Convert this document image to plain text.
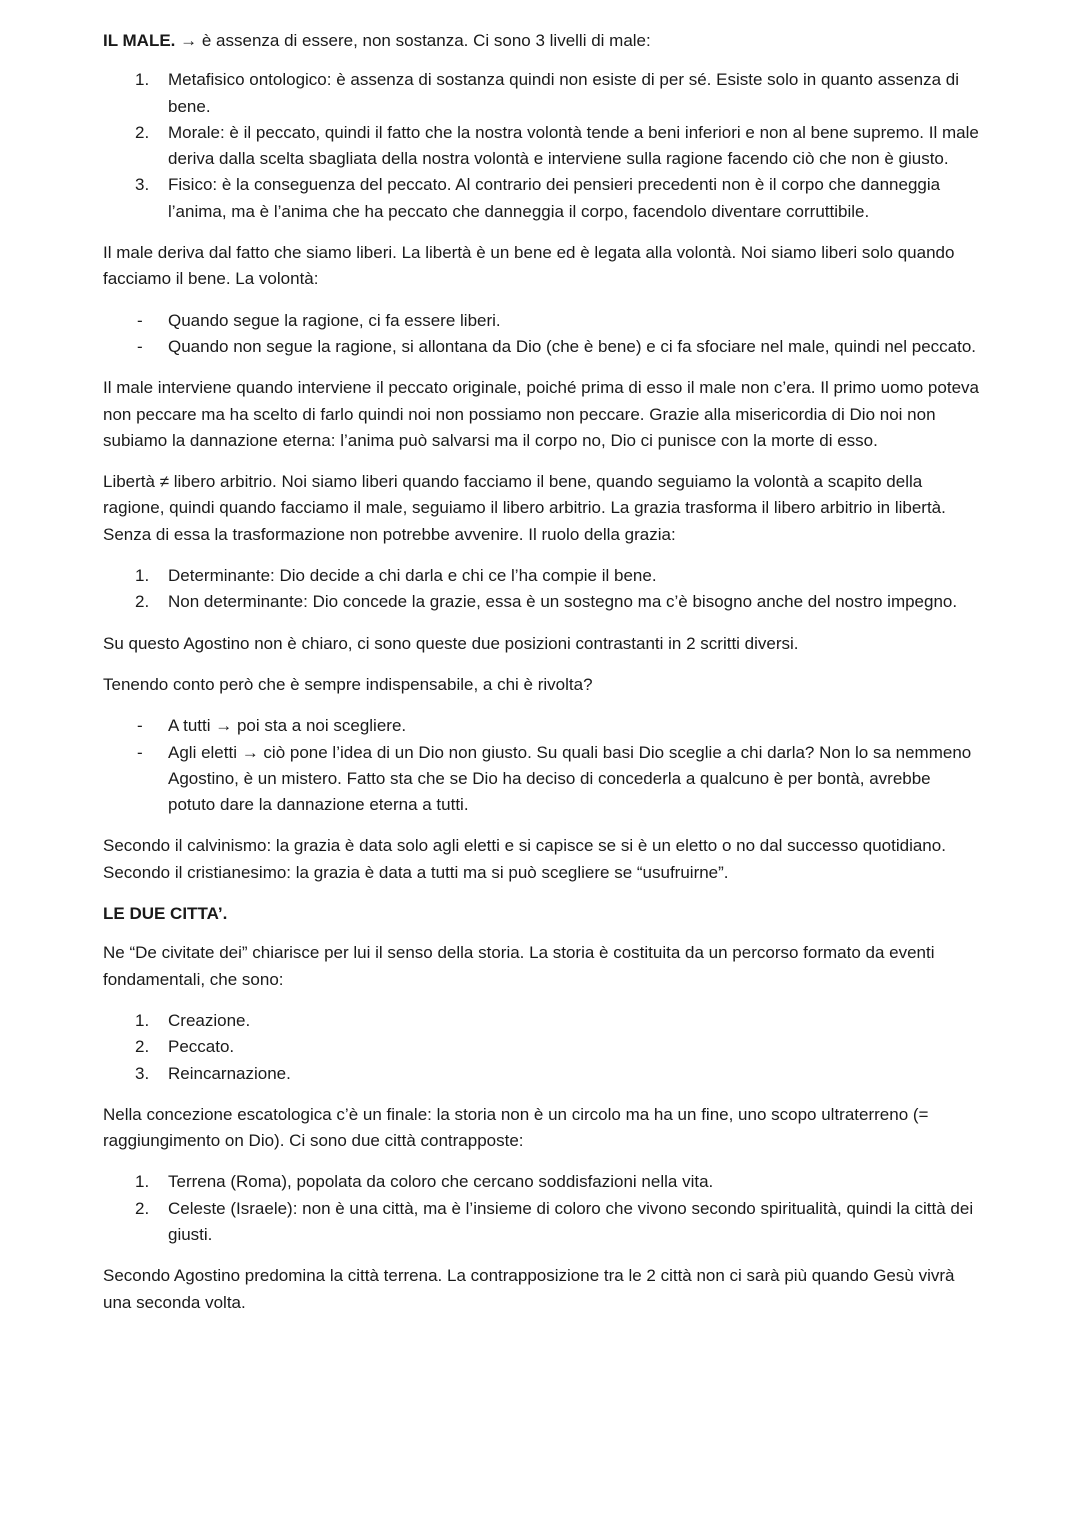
IL MALE. → è assenza di essere, non sostanza. Ci sono 3 livelli di male:

1. Metafisico ontologico: è assenza di sostanza quindi non esiste di per sé. Esiste solo in quanto assenza di bene.
2. Morale: è il peccato, quindi il fatto che la nostra volontà tende a beni inferiori e non al bene supremo. Il male deriva dalla scelta sbagliata della nostra volontà e interviene sulla ragione facendo ciò che non è giusto.
3. Fisico: è la conseguenza del peccato. Al contrario dei pensieri precedenti non è il corpo che danneggia l’anima, ma è l’anima che ha peccato che danneggia il corpo, facendolo diventare corruttibile.

Il male deriva dal fatto che siamo liberi. La libertà è un bene ed è legata alla volontà. Noi siamo liberi solo quando facciamo il bene. La volontà:

- Quando segue la ragione, ci fa essere liberi.
- Quando non segue la ragione, si allontana da Dio (che è bene) e ci fa sfociare nel male, quindi nel peccato.

Il male interviene quando interviene il peccato originale, poiché prima di esso il male non c’era. Il primo uomo poteva non peccare ma ha scelto di farlo quindi noi non possiamo non peccare. Grazie alla misericordia di Dio noi non subiamo la dannazione eterna: l’anima può salvarsi ma il corpo no, Dio ci punisce con la morte di esso.

Libertà ≠ libero arbitrio. Noi siamo liberi quando facciamo il bene, quando seguiamo la volontà a scapito della ragione, quindi quando facciamo il male, seguiamo il libero arbitrio. La grazia trasforma il libero arbitrio in libertà. Senza di essa la trasformazione non potrebbe avvenire. Il ruolo della grazia:

1. Determinante: Dio decide a chi darla e chi ce l’ha compie il bene.
2. Non determinante: Dio concede la grazie, essa è un sostegno ma c’è bisogno anche del nostro impegno.

Su questo Agostino non è chiaro, ci sono queste due posizioni contrastanti in 2 scritti diversi.

Tenendo conto però che è sempre indispensabile, a chi è rivolta?

- A tutti → poi sta a noi scegliere.
- Agli eletti → ciò pone l’idea di un Dio non giusto. Su quali basi Dio sceglie a chi darla? Non lo sa nemmeno Agostino, è un mistero. Fatto sta che se Dio ha deciso di concederla a qualcuno è per bontà, avrebbe potuto dare la dannazione eterna a tutti.

Secondo il calvinismo: la grazia è data solo agli eletti e si capisce se si è un eletto o no dal successo quotidiano.

Secondo il cristianesimo: la grazia è data a tutti ma si può scegliere se “usufruirne”.

LE DUE CITTA’.

Ne “De civitate dei” chiarisce per lui il senso della storia. La storia è costituita da un percorso formato da eventi fondamentali, che sono:

1. Creazione.
2. Peccato.
3. Reincarnazione.

Nella concezione escatologica c’è un finale: la storia non è un circolo ma ha un fine, uno scopo ultraterreno (= raggiungimento on Dio). Ci sono due città contrapposte:

1. Terrena (Roma), popolata da coloro che cercano soddisfazioni nella vita.
2. Celeste (Israele): non è una città, ma è l’insieme di coloro che vivono secondo spiritualità, quindi la città dei giusti.

Secondo Agostino predomina la città terrena. La contrapposizione tra le 2 città non ci sarà più quando Gesù vivrà una seconda volta.
